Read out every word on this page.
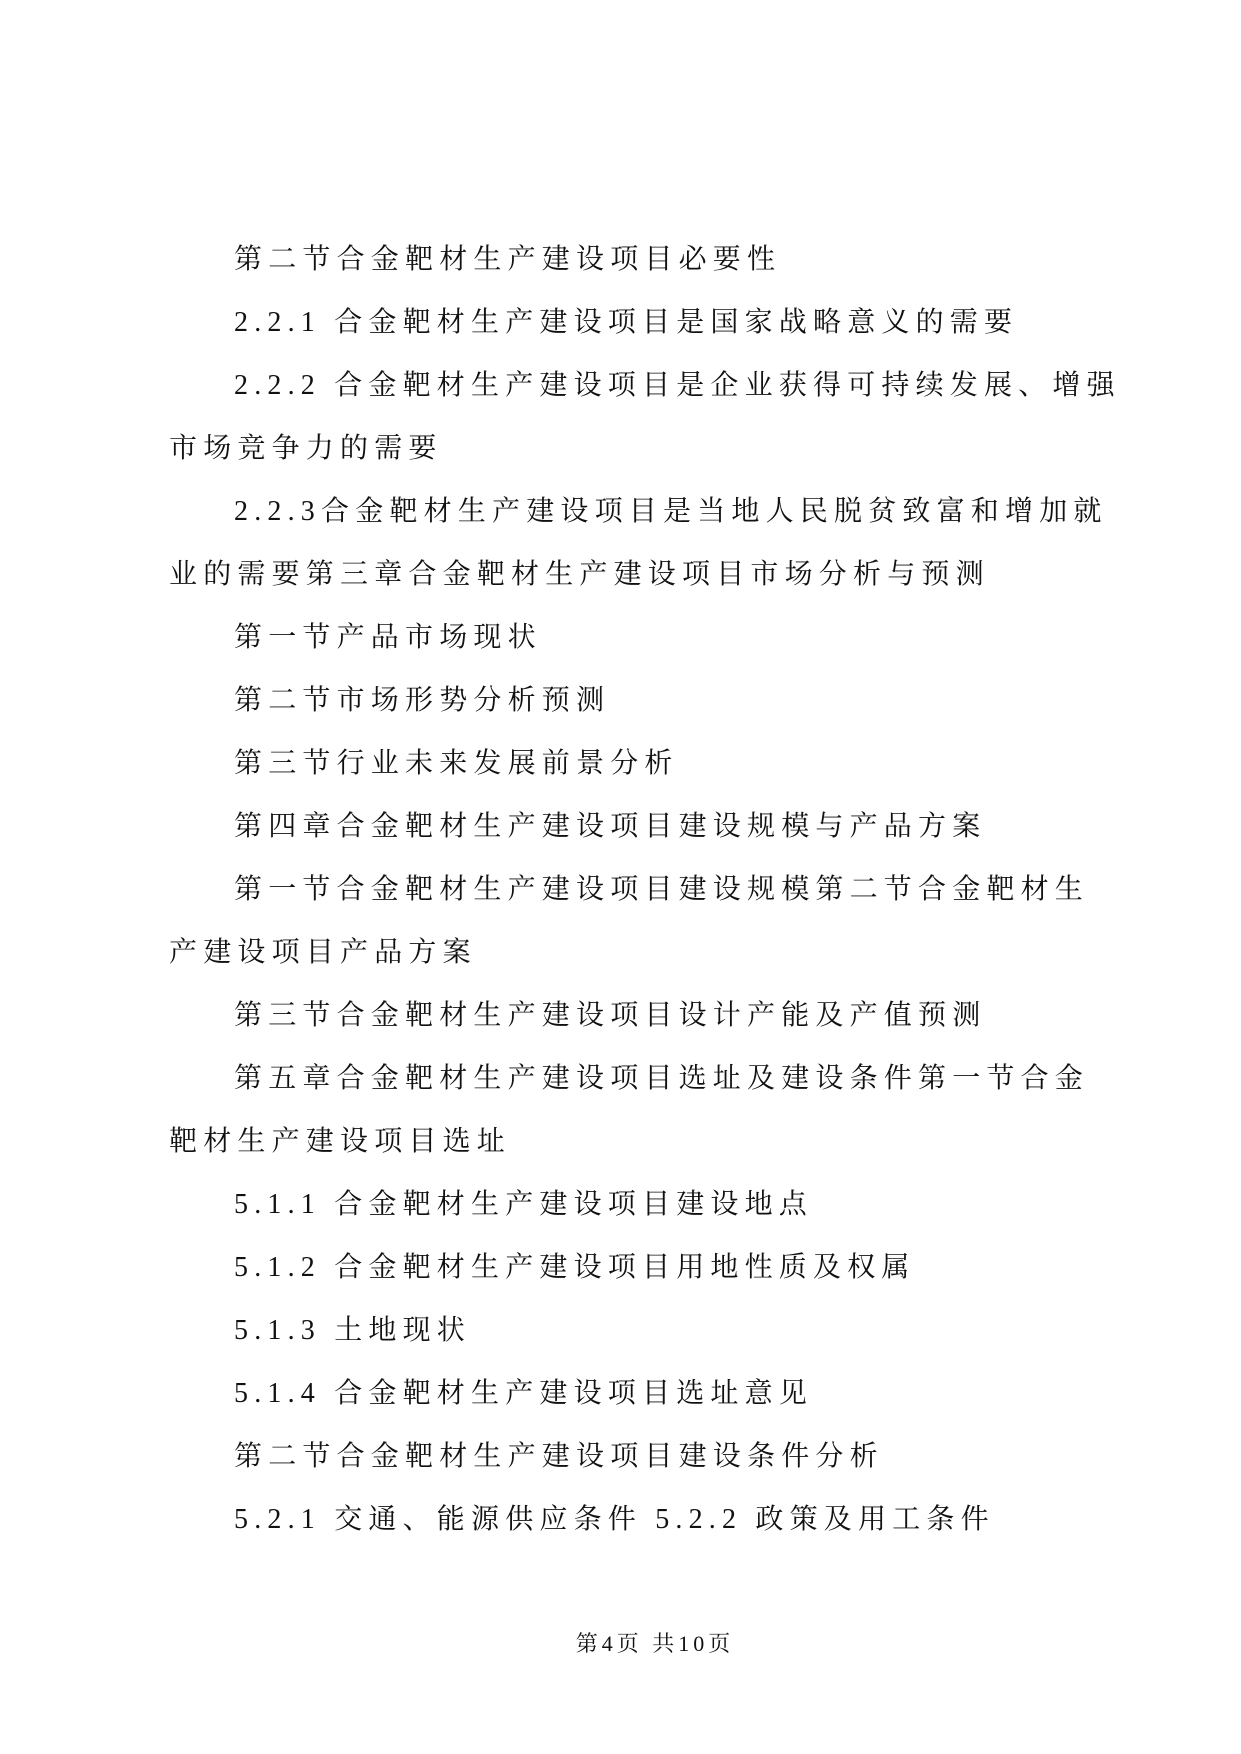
第二节合金靶材生产建设项目必要性
2.2.1 合金靶材生产建设项目是国家战略意义的需要
2.2.2 合金靶材生产建设项目是企业获得可持续发展、增强
市场竞争力的需要
2.2.3合金靶材生产建设项目是当地人民脱贫致富和增加就
业的需要第三章合金靶材生产建设项目市场分析与预测
第一节产品市场现状
第二节市场形势分析预测
第三节行业未来发展前景分析
第四章合金靶材生产建设项目建设规模与产品方案
第一节合金靶材生产建设项目建设规模第二节合金靶材生
产建设项目产品方案
第三节合金靶材生产建设项目设计产能及产值预测
第五章合金靶材生产建设项目选址及建设条件第一节合金
靶材生产建设项目选址
5.1.1 合金靶材生产建设项目建设地点
5.1.2 合金靶材生产建设项目用地性质及权属
5.1.3 土地现状
5.1.4 合金靶材生产建设项目选址意见
第二节合金靶材生产建设项目建设条件分析
5.2.1 交通、能源供应条件 5.2.2 政策及用工条件
第4页 共10页
